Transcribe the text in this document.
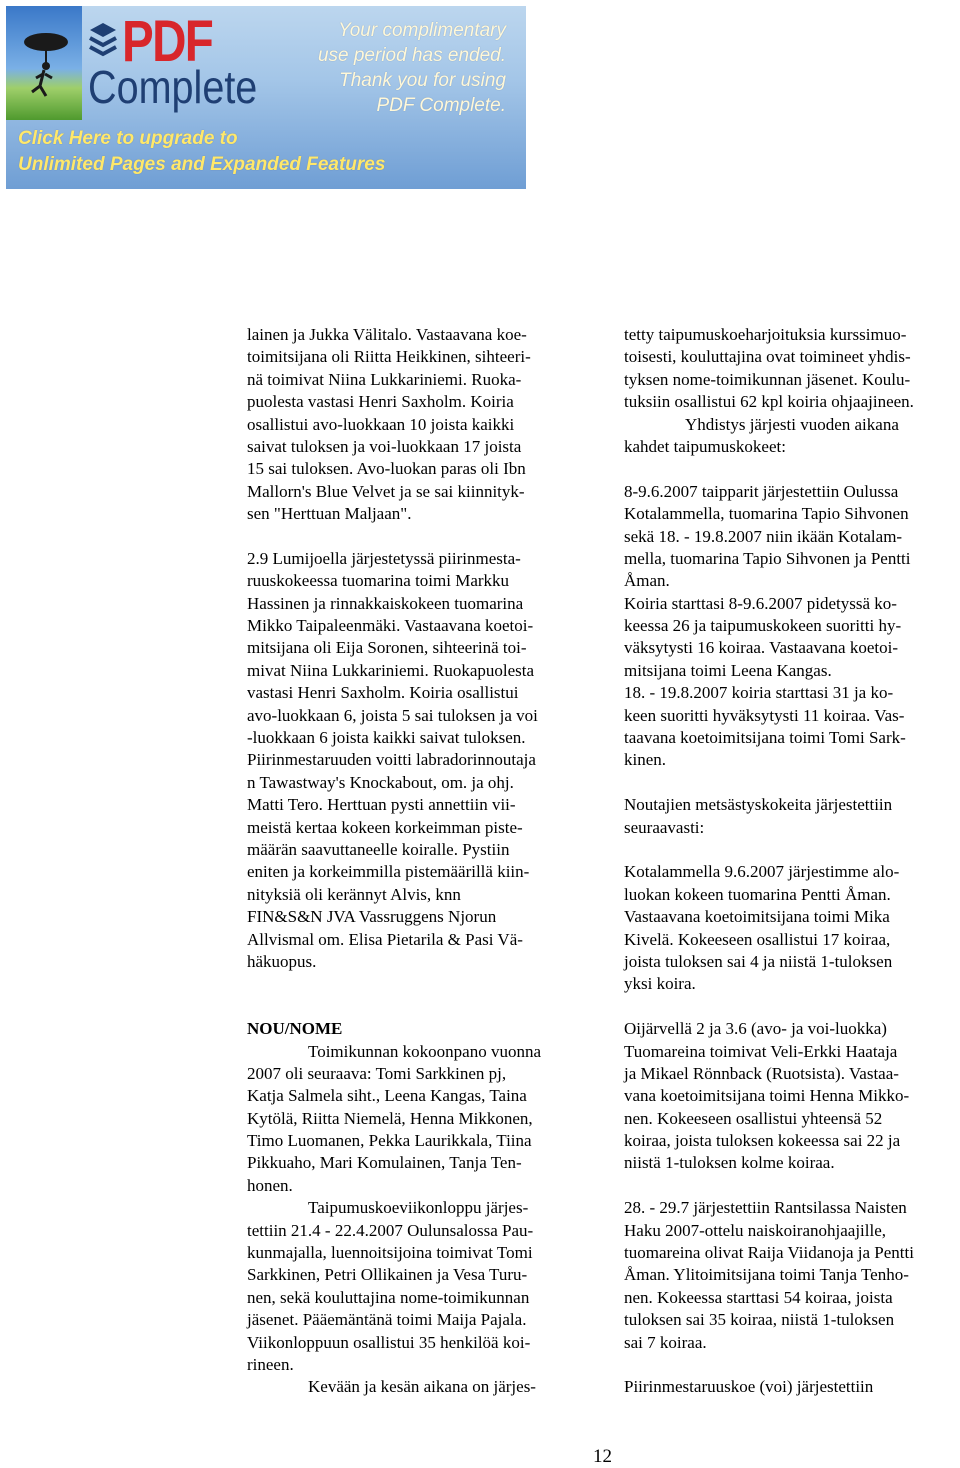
PDF
Complete
Your complimentary
use period has ended.
Thank you for using
PDF Complete.
Click Here to upgrade to
Unlimited Pages and Expanded Features
lainen ja Jukka Välitalo. Vastaavana koe-
toimitsijana oli Riitta Heikkinen, sihteeri-
nä toimivat Niina Lukkariniemi. Ruoka-
puolesta vastasi Henri Saxholm. Koiria
osallistui avo-luokkaan 10 joista kaikki
saivat tuloksen ja voi-luokkaan 17 joista
15 sai tuloksen. Avo-luokan paras oli Ibn
Mallorn's Blue Velvet ja se sai kiinnityk-
sen "Herttuan Maljaan".
2.9 Lumijoella järjestetyssä piirinmesta-
ruuskokeessa tuomarina toimi Markku
Hassinen ja rinnakkaiskokeen tuomarina
Mikko Taipaleenmäki. Vastaavana koetoi-
mitsijana oli Eija Soronen, sihteerinä toi-
mivat Niina Lukkariniemi. Ruokapuolesta
vastasi Henri Saxholm. Koiria osallistui
avo-luokkaan 6, joista 5 sai tuloksen ja voi
-luokkaan 6 joista kaikki saivat tuloksen.
Piirinmestaruuden voitti labradorinnoutaja
n Tawastway's Knockabout, om. ja ohj.
Matti Tero. Herttuan pysti annettiin vii-
meistä kertaa kokeen korkeimman piste-
määrän saavuttaneelle koiralle. Pystiin
eniten ja korkeimmilla pistemäärillä kiin-
nityksiä oli kerännyt Alvis, knn
FIN&S&N JVA Vassruggens Njorun
Allvismal om. Elisa Pietarila & Pasi Vä-
häkuopus.
NOU/NOME
Toimikunnan kokoonpano vuonna
2007 oli seuraava: Tomi Sarkkinen pj,
Katja Salmela siht., Leena Kangas, Taina
Kytölä, Riitta Niemelä, Henna Mikkonen,
Timo Luomanen, Pekka Laurikkala, Tiina
Pikkuaho, Mari Komulainen, Tanja Ten-
honen.
Taipumuskoeviikonloppu järjes-
tettiin 21.4 - 22.4.2007 Oulunsalossa Pau-
kunmajalla, luennoitsijoina toimivat Tomi
Sarkkinen, Petri Ollikainen ja Vesa Turu-
nen, sekä kouluttajina nome-toimikunnan
jäsenet. Pääemäntänä toimi Maija Pajala.
Viikonloppuun osallistui 35 henkilöä koi-
rineen.
Kevään ja kesän aikana on järjes-
tetty taipumuskoeharjoituksia kurssimuo-
toisesti, kouluttajina ovat toimineet yhdis-
tyksen nome-toimikunnan jäsenet. Koulu-
tuksiin osallistui 62 kpl koiria ohjaajineen.
Yhdistys järjesti vuoden aikana
kahdet taipumuskokeet:
8-9.6.2007 taipparit järjestettiin Oulussa
Kotalammella, tuomarina Tapio Sihvonen
sekä 18. - 19.8.2007 niin ikään Kotalam-
mella, tuomarina Tapio Sihvonen ja Pentti
Åman.
Koiria starttasi 8-9.6.2007 pidetyssä ko-
keessa 26 ja taipumuskokeen suoritti hy-
väksytysti 16 koiraa. Vastaavana koetoi-
mitsijana toimi Leena Kangas.
18. - 19.8.2007 koiria starttasi 31 ja ko-
keen suoritti hyväksytysti 11 koiraa. Vas-
taavana koetoimitsijana toimi Tomi Sark-
kinen.
Noutajien metsästyskokeita järjestettiin
seuraavasti:
Kotalammella 9.6.2007 järjestimme alo-
luokan kokeen tuomarina Pentti Åman.
Vastaavana koetoimitsijana toimi Mika
Kivelä. Kokeeseen osallistui 17 koiraa,
joista tuloksen sai 4 ja niistä 1-tuloksen
yksi koira.
Oijärvellä 2 ja 3.6 (avo- ja voi-luokka)
Tuomareina toimivat Veli-Erkki Haataja
ja Mikael Rönnback (Ruotsista). Vastaa-
vana koetoimitsijana toimi Henna Mikko-
nen. Kokeeseen osallistui yhteensä 52
koiraa, joista tuloksen kokeessa sai 22 ja
niistä 1-tuloksen kolme koiraa.
28. - 29.7 järjestettiin Rantsilassa Naisten
Haku 2007-ottelu naiskoiranohjaajille,
tuomareina olivat Raija Viidanoja ja Pentti
Åman. Ylitoimitsijana toimi Tanja Tenho-
nen. Kokeessa starttasi 54 koiraa, joista
tuloksen sai 35 koiraa, niistä 1-tuloksen
sai 7 koiraa.
Piirinmestaruuskoe (voi) järjestettiin
12
